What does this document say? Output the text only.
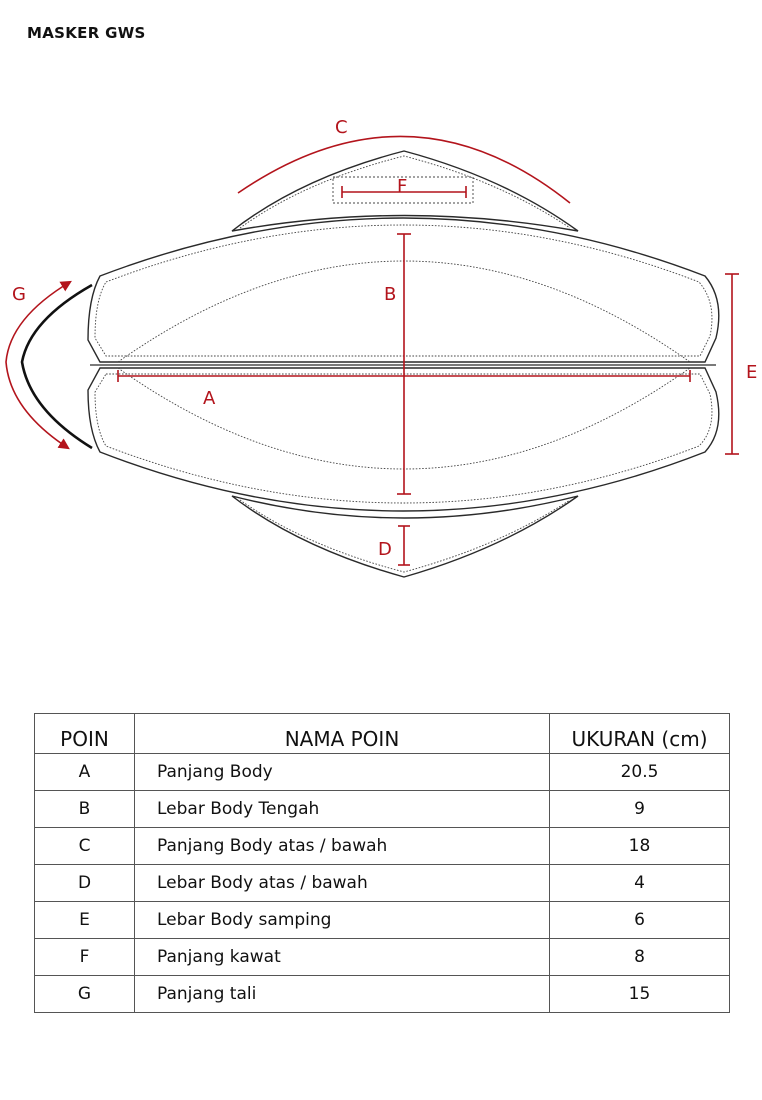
MASKER GWS
C
F
B
A
D
E
G
POIN	NAMA POIN	UKURAN (cm)
A	Panjang Body	20.5
B	Lebar Body Tengah	9
C	Panjang Body atas / bawah	18
D	Lebar Body atas / bawah	4
E	Lebar Body samping	6
F	Panjang kawat	8
G	Panjang tali	15
